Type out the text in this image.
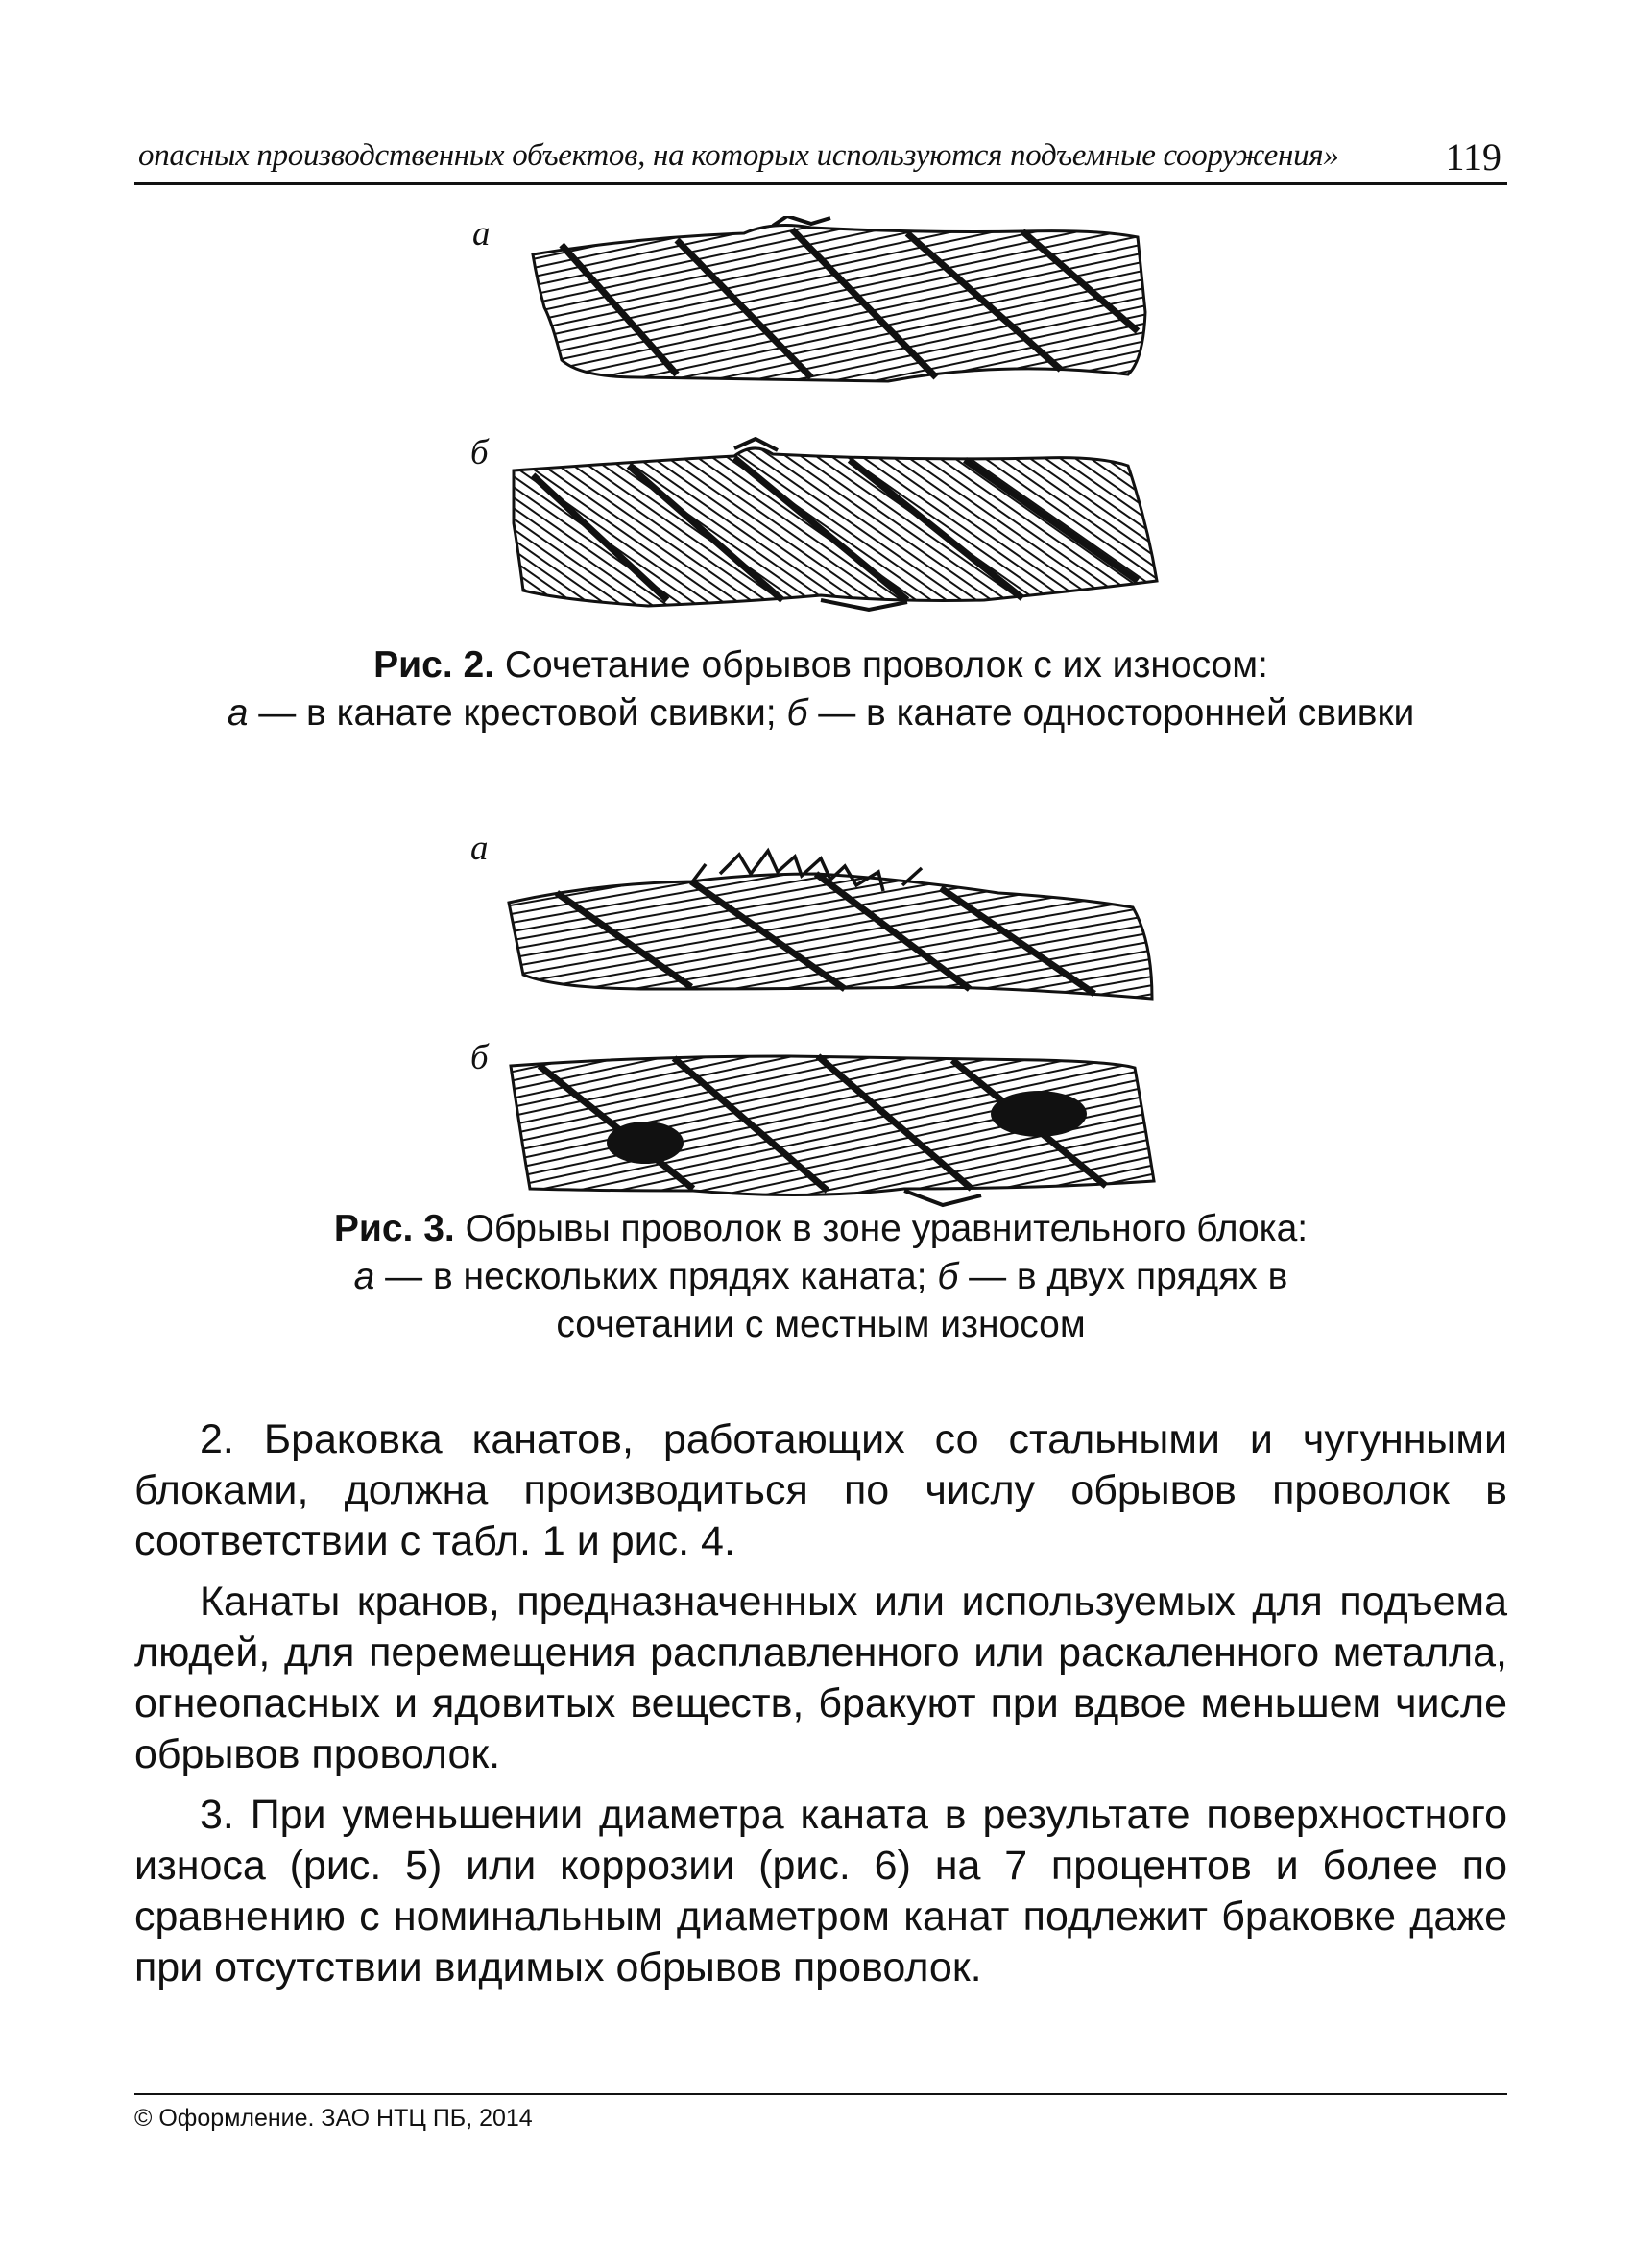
опасных производственных объектов, на которых используются подъемные сооружения»	119
а
б
Рис. 2. Сочетание обрывов проволок с их износом:
а — в канате крестовой свивки; б — в канате односторонней свивки
а
б
Рис. 3. Обрывы проволок в зоне уравнительного блока:
а — в нескольких прядях каната; б — в двух прядях в сочетании с местным износом

2. Браковка канатов, работающих со стальными и чугунными блоками, должна производиться по числу обрывов проволок в соответствии с табл. 1 и рис. 4.

Канаты кранов, предназначенных или используемых для подъема людей, для перемещения расплавленного или раскаленного металла, огнеопасных и ядовитых веществ, бракуют при вдвое меньшем числе обрывов проволок.

3. При уменьшении диаметра каната в результате поверхностного износа (рис. 5) или коррозии (рис. 6) на 7 процентов и более по сравнению с номинальным диаметром канат подлежит браковке даже при отсутствии видимых обрывов проволок.

© Оформление. ЗАО НТЦ ПБ, 2014
